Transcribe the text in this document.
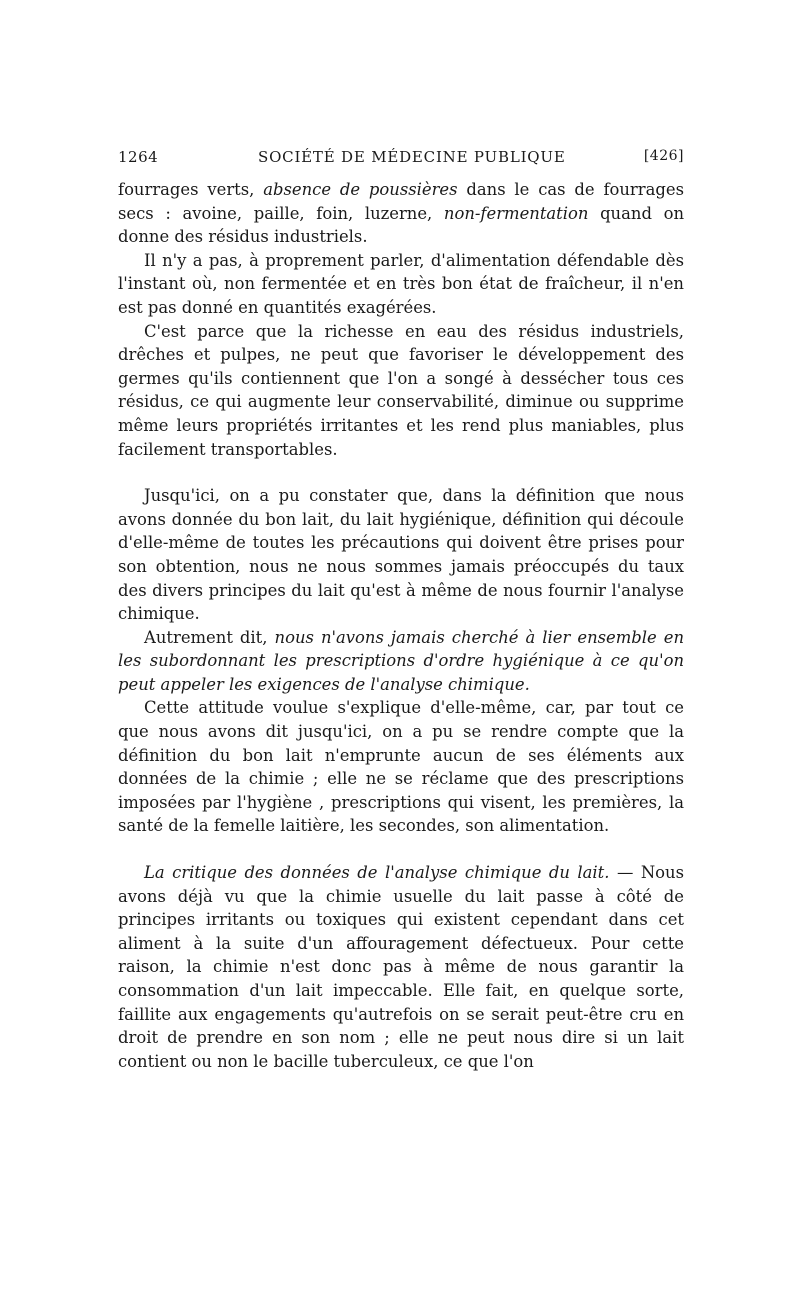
1264	SOCIÉTÉ DE MÉDECINE PUBLIQUE	[426]

fourrages verts, absence de poussières dans le cas de fourrages secs : avoine, paille, foin, luzerne, non-fermentation quand on donne des résidus industriels.

Il n'y a pas, à proprement parler, d'alimentation défendable dès l'instant où, non fermentée et en très bon état de fraîcheur, il n'en est pas donné en quantités exagérées.

C'est parce que la richesse en eau des résidus industriels, drêches et pulpes, ne peut que favoriser le développement des germes qu'ils contiennent que l'on a songé à dessécher tous ces résidus, ce qui augmente leur conservabilité, diminue ou supprime même leurs propriétés irritantes et les rend plus maniables, plus facilement transportables.

Jusqu'ici, on a pu constater que, dans la définition que nous avons donnée du bon lait, du lait hygiénique, définition qui découle d'elle-même de toutes les précautions qui doivent être prises pour son obtention, nous ne nous sommes jamais préoccupés du taux des divers principes du lait qu'est à même de nous fournir l'analyse chimique.

Autrement dit, nous n'avons jamais cherché à lier ensemble en les subordonnant les prescriptions d'ordre hygiénique à ce qu'on peut appeler les exigences de l'analyse chimique.

Cette attitude voulue s'explique d'elle-même, car, par tout ce que nous avons dit jusqu'ici, on a pu se rendre compte que la définition du bon lait n'emprunte aucun de ses éléments aux données de la chimie ; elle ne se réclame que des prescriptions imposées par l'hygiène , prescriptions qui visent, les premières, la santé de la femelle laitière, les secondes, son alimentation.

La critique des données de l'analyse chimique du lait. — Nous avons déjà vu que la chimie usuelle du lait passe à côté de principes irritants ou toxiques qui existent cependant dans cet aliment à la suite d'un affouragement défectueux. Pour cette raison, la chimie n'est donc pas à même de nous garantir la consommation d'un lait impeccable. Elle fait, en quelque sorte, faillite aux engagements qu'autrefois on se serait peut-être cru en droit de prendre en son nom ; elle ne peut nous dire si un lait contient ou non le bacille tuberculeux, ce que l'on
